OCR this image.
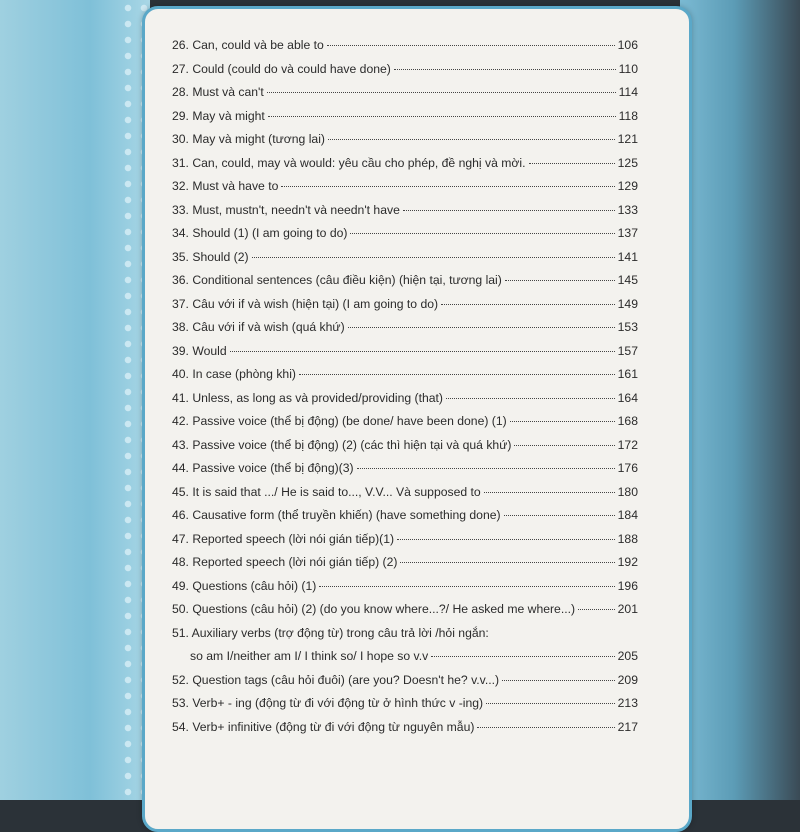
26. Can, could và be able to	106
27. Could (could do và could have done)	110
28. Must và can't	114
29. May và might	118
30. May và might (tương lai)	121
31. Can, could, may và would: yêu cầu cho phép, đề nghị và mời.	125
32. Must và have to	129
33. Must, mustn't, needn't và needn't have	133
34. Should (1) (I am going to do)	137
35. Should (2)	141
36. Conditional sentences (câu điều kiện) (hiện tại, tương lai)	145
37. Câu với if và wish (hiện tại) (I am going to do)	149
38. Câu với if và wish (quá khứ)	153
39. Would	157
40. In case (phòng khi)	161
41. Unless, as long as và provided/providing (that)	164
42. Passive voice (thể bị động) (be done/ have been done) (1)	168
43. Passive voice (thể bị động) (2) (các thì hiện tại và quá khứ)	172
44. Passive voice (thể bị động)(3)	176
45. It is said that .../ He is said to..., V.V... Và supposed to	180
46. Causative form (thể truyền khiến) (have something done)	184
47. Reported speech (lời nói gián tiếp)(1)	188
48. Reported speech (lời nói gián tiếp) (2)	192
49. Questions (câu hỏi) (1)	196
50. Questions (câu hỏi) (2) (do you know where...?/ He asked me where...)	201
51. Auxiliary verbs (trợ động từ) trong câu trả lời /hỏi ngắn:
so am I/neither am I/ I think so/ I hope so v.v	205
52. Question tags (câu hỏi đuôi) (are you? Doesn't he? v.v...)	209
53. Verb+ - ing (động từ đi với động từ ở hình thức v -ing)	213
54. Verb+ infinitive (động từ đi với động từ nguyên mẫu)	217
